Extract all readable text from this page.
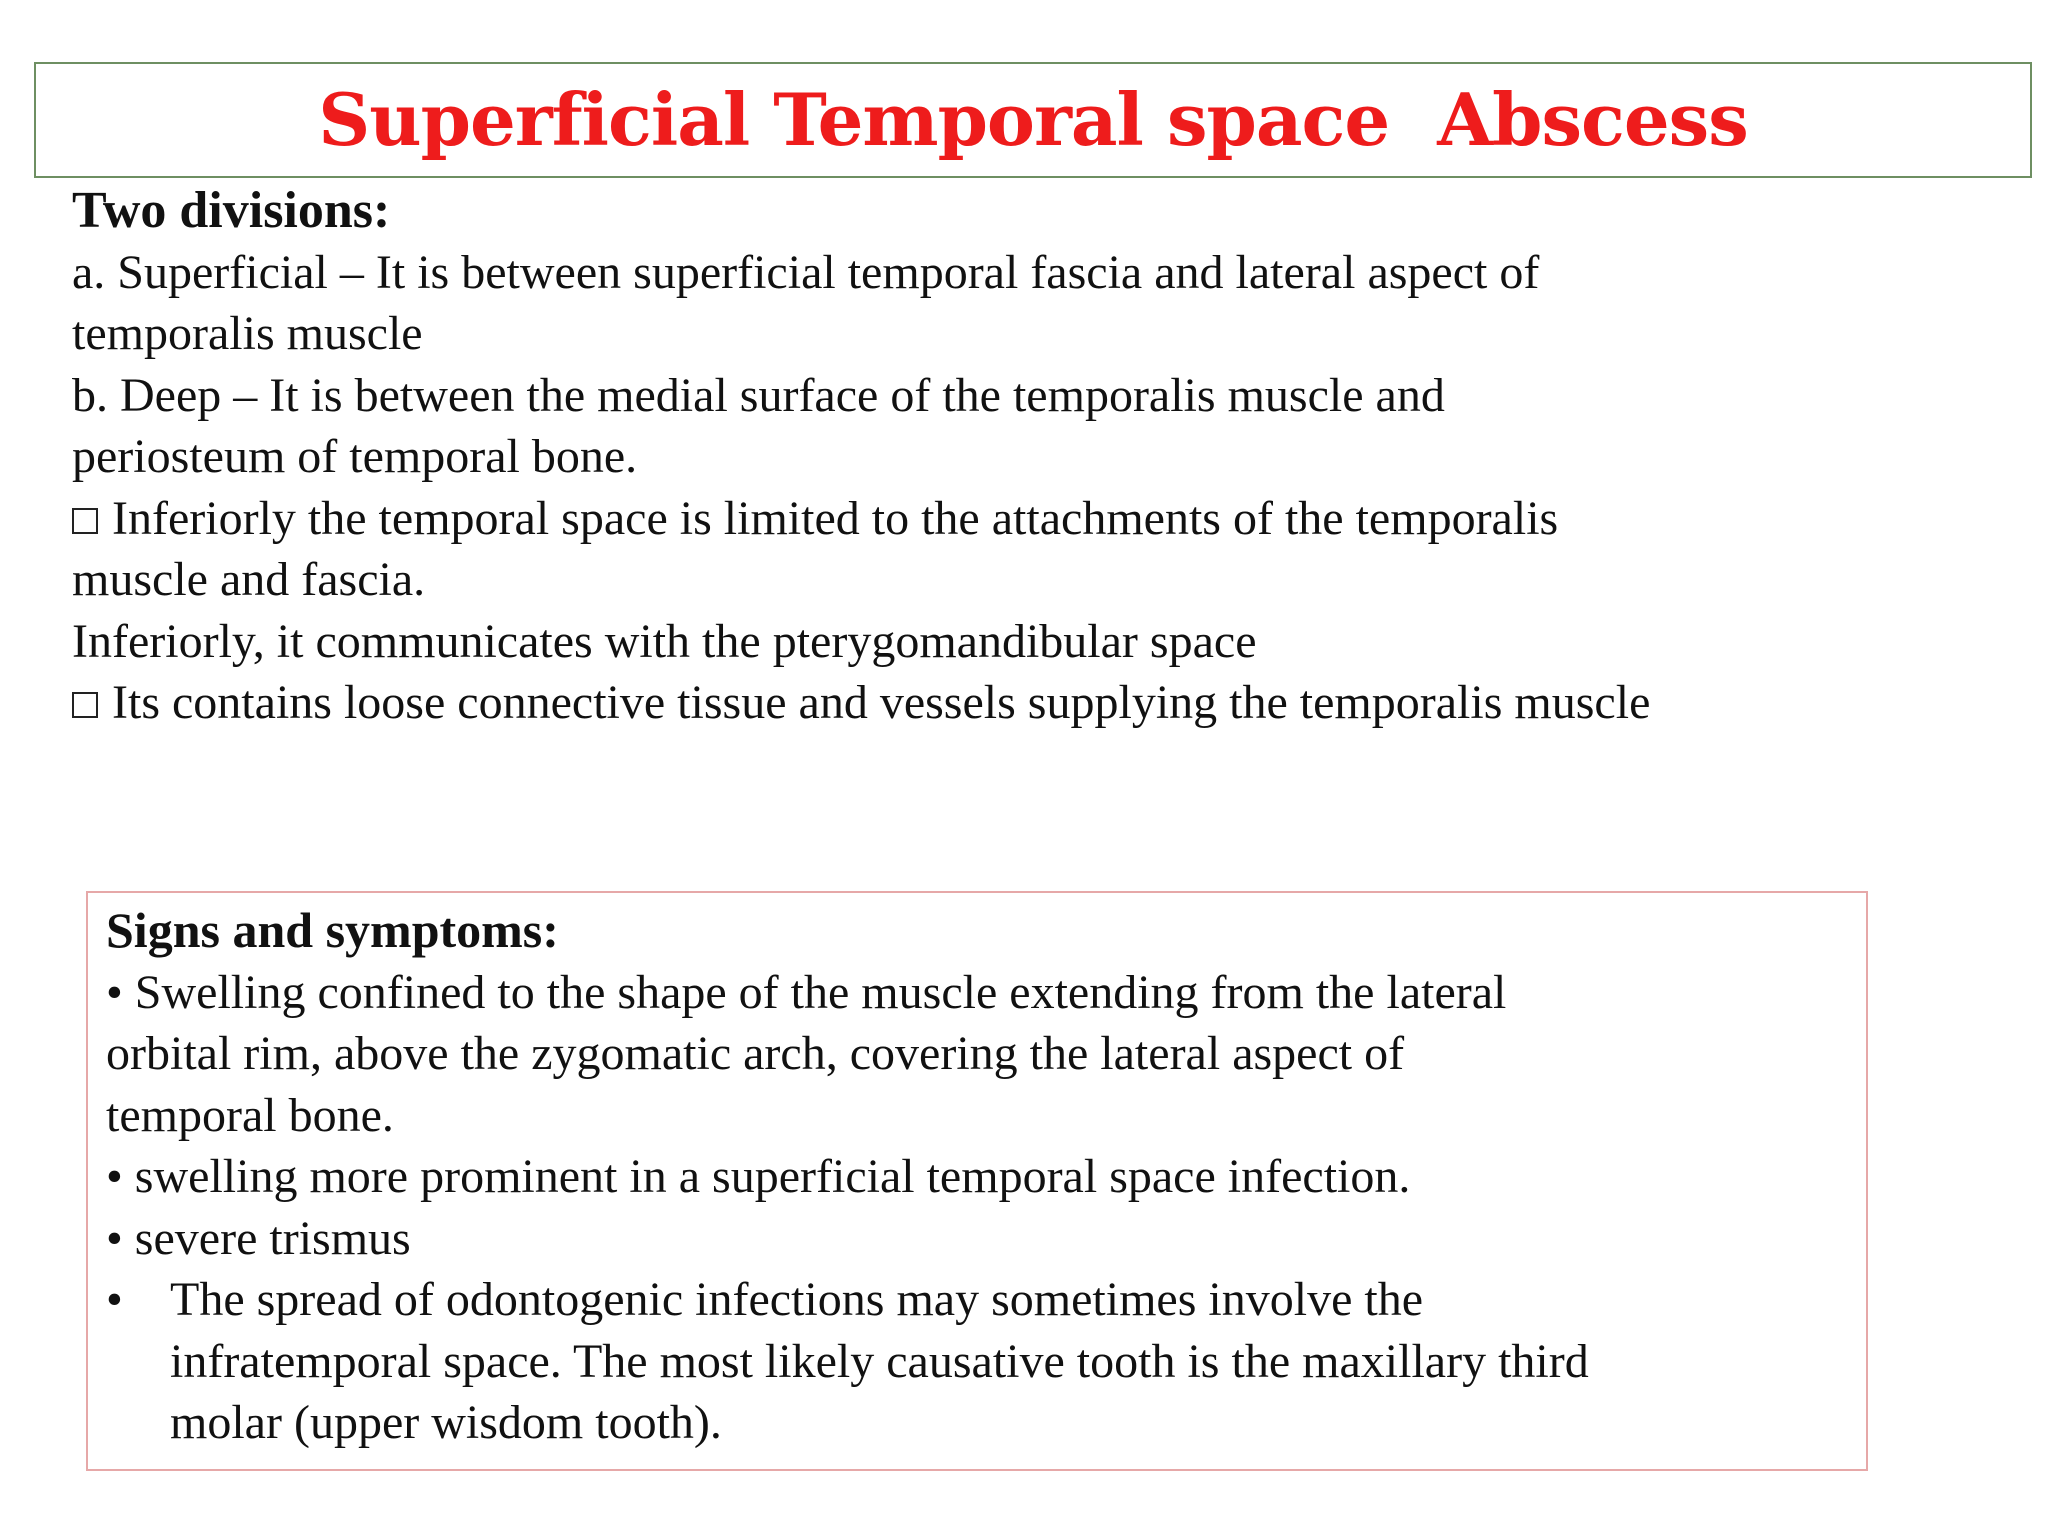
Superficial Temporal space  Abscess
Two divisions:
a. Superficial – It is between superficial temporal fascia and lateral aspect of
temporalis muscle
b. Deep – It is between the medial surface of the temporalis muscle and
periosteum of temporal bone.
Inferiorly the temporal space is limited to the attachments of the temporalis
muscle and fascia.
Inferiorly, it communicates with the pterygomandibular space
Its contains loose connective tissue and vessels supplying the temporalis muscle
Signs and symptoms:
• Swelling confined to the shape of the muscle extending from the lateral
orbital rim, above the zygomatic arch, covering the lateral aspect of
temporal bone.
• swelling more prominent in a superficial temporal space infection.
• severe trismus
• The spread of odontogenic infections may sometimes involve the
infratemporal space. The most likely causative tooth is the maxillary third
molar (upper wisdom tooth).
